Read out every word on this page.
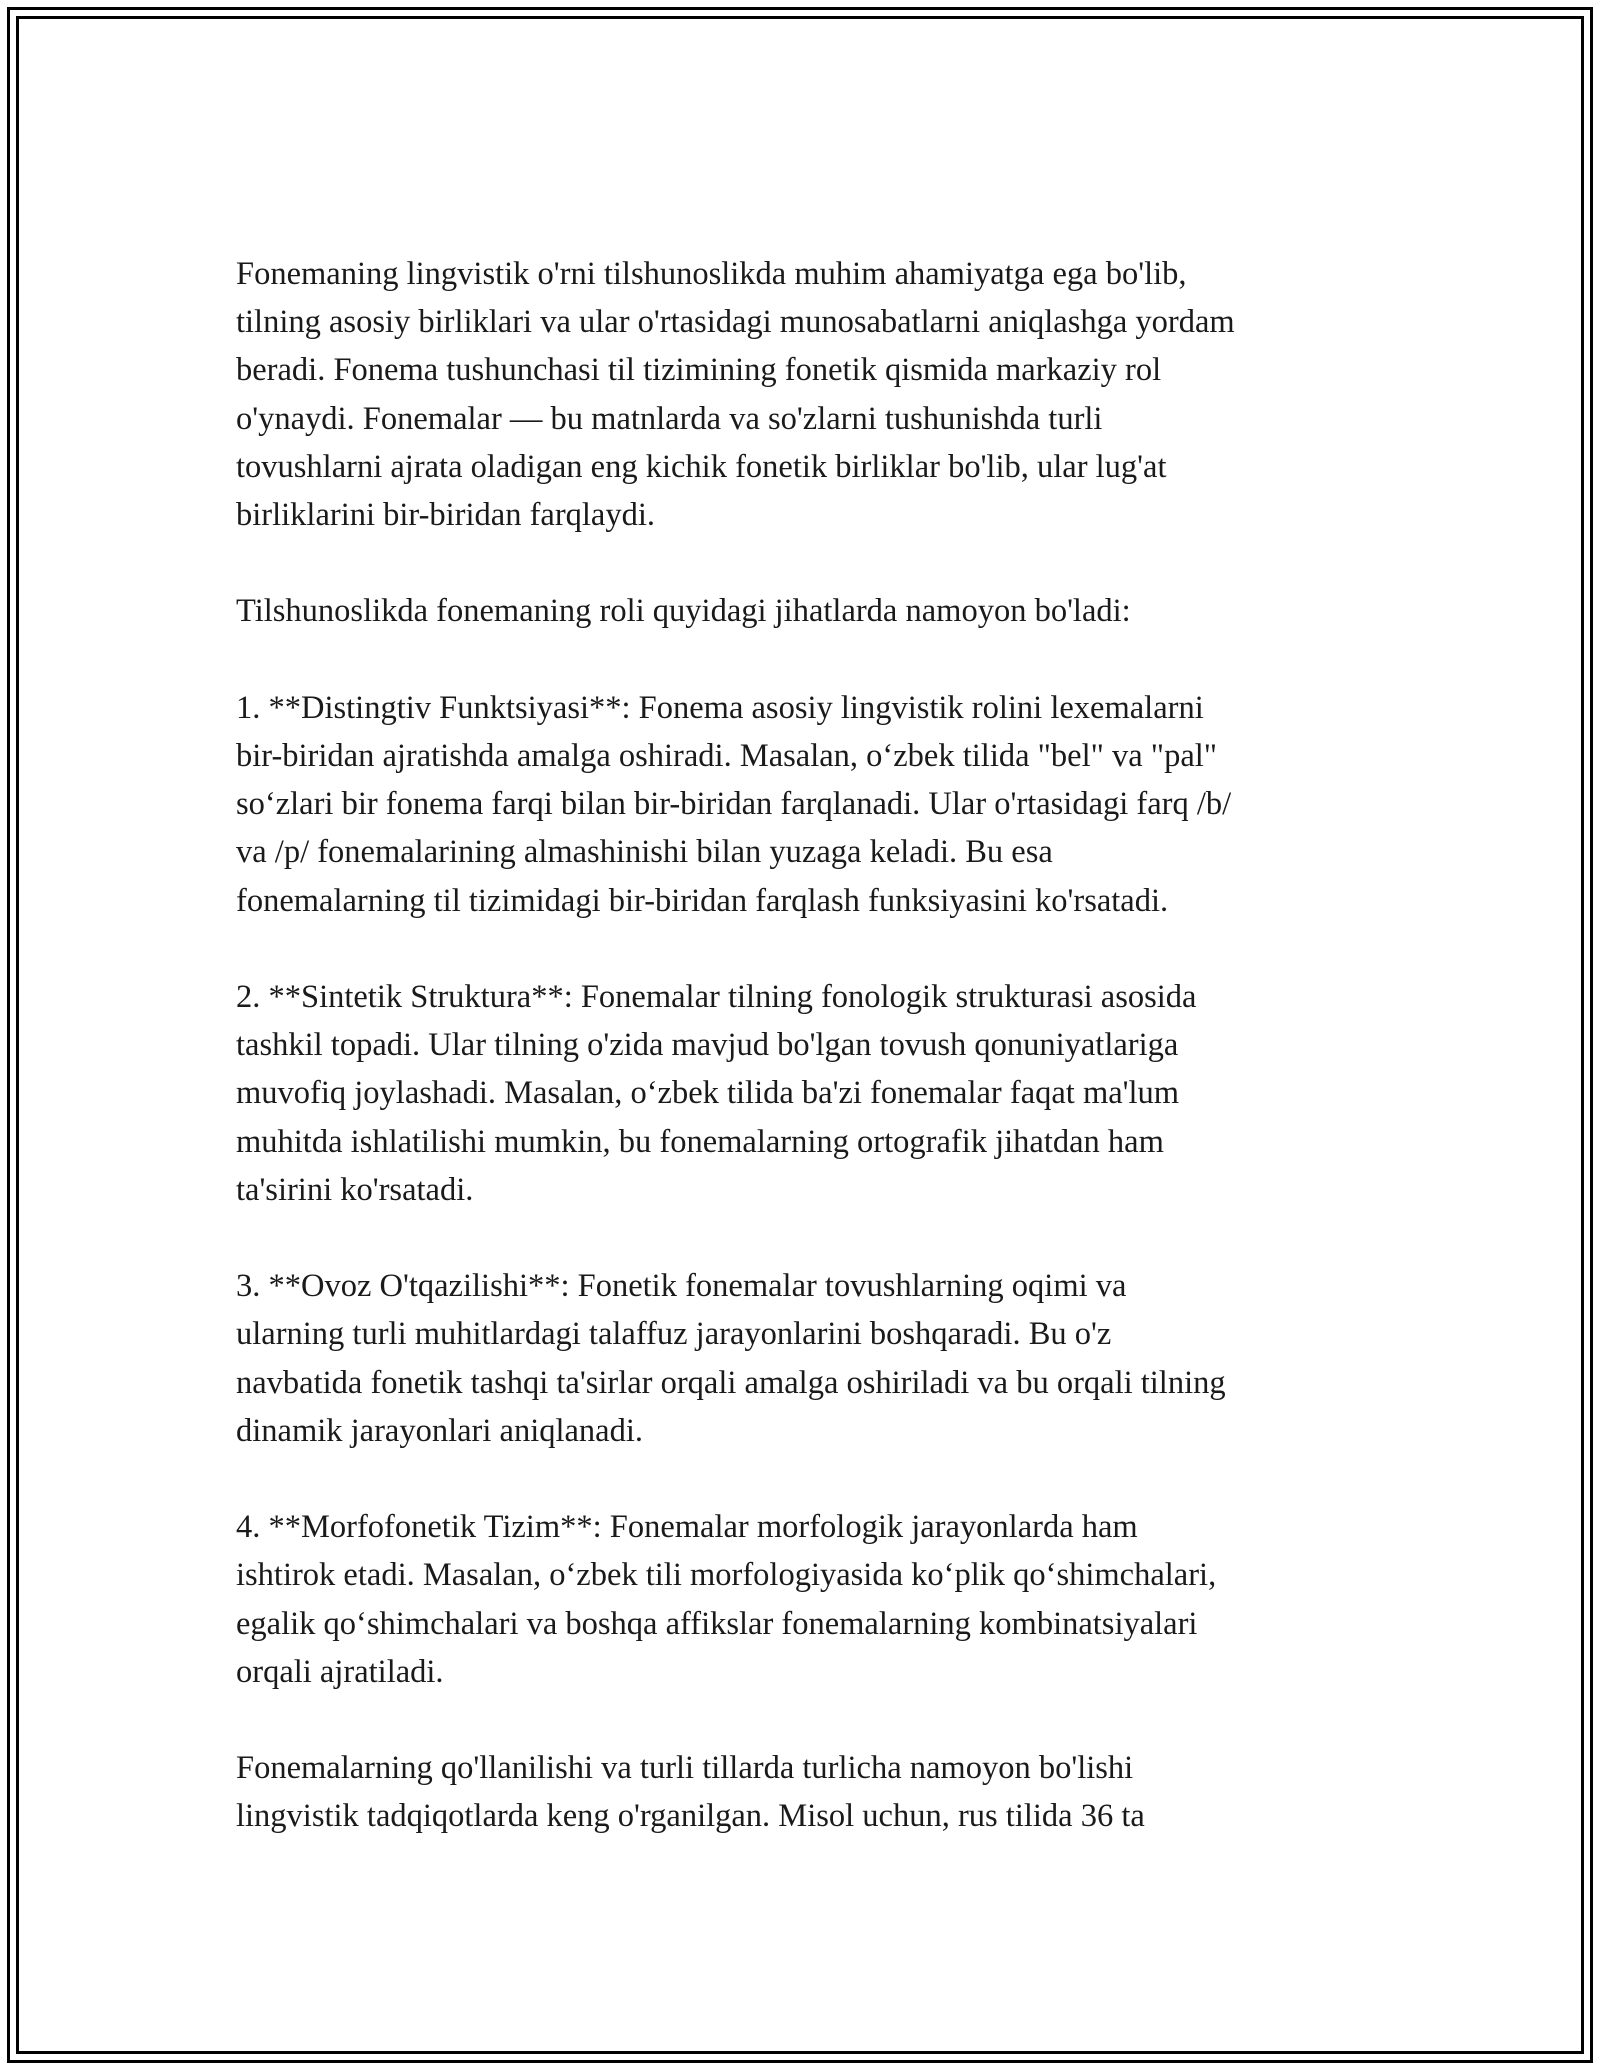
Fonemaning lingvistik o'rni tilshunoslikda muhim ahamiyatga ega bo'lib,
tilning asosiy birliklari va ular o'rtasidagi munosabatlarni aniqlashga yordam
beradi. Fonema tushunchasi til tizimining fonetik qismida markaziy rol
o'ynaydi. Fonemalar — bu matnlarda va so'zlarni tushunishda turli
tovushlarni ajrata oladigan eng kichik fonetik birliklar bo'lib, ular lug'at
birliklarini bir-biridan farqlaydi.

Tilshunoslikda fonemaning roli quyidagi jihatlarda namoyon bo'ladi:

1. **Distingtiv Funktsiyasi**: Fonema asosiy lingvistik rolini lexemalarni
bir-biridan ajratishda amalga oshiradi. Masalan, o‘zbek tilida "bel" va "pal"
so‘zlari bir fonema farqi bilan bir-biridan farqlanadi. Ular o'rtasidagi farq /b/
va /p/ fonemalarining almashinishi bilan yuzaga keladi. Bu esa
fonemalarning til tizimidagi bir-biridan farqlash funksiyasini ko'rsatadi.

2. **Sintetik Struktura**: Fonemalar tilning fonologik strukturasi asosida
tashkil topadi. Ular tilning o'zida mavjud bo'lgan tovush qonuniyatlariga
muvofiq joylashadi. Masalan, o‘zbek tilida ba'zi fonemalar faqat ma'lum
muhitda ishlatilishi mumkin, bu fonemalarning ortografik jihatdan ham
ta'sirini ko'rsatadi.

3. **Ovoz O'tqazilishi**: Fonetik fonemalar tovushlarning oqimi va
ularning turli muhitlardagi talaffuz jarayonlarini boshqaradi. Bu o'z
navbatida fonetik tashqi ta'sirlar orqali amalga oshiriladi va bu orqali tilning
dinamik jarayonlari aniqlanadi.

4. **Morfofonetik Tizim**: Fonemalar morfologik jarayonlarda ham
ishtirok etadi. Masalan, o‘zbek tili morfologiyasida ko‘plik qo‘shimchalari,
egalik qo‘shimchalari va boshqa affikslar fonemalarning kombinatsiyalari
orqali ajratiladi.

Fonemalarning qo'llanilishi va turli tillarda turlicha namoyon bo'lishi
lingvistik tadqiqotlarda keng o'rganilgan. Misol uchun, rus tilida 36 ta
